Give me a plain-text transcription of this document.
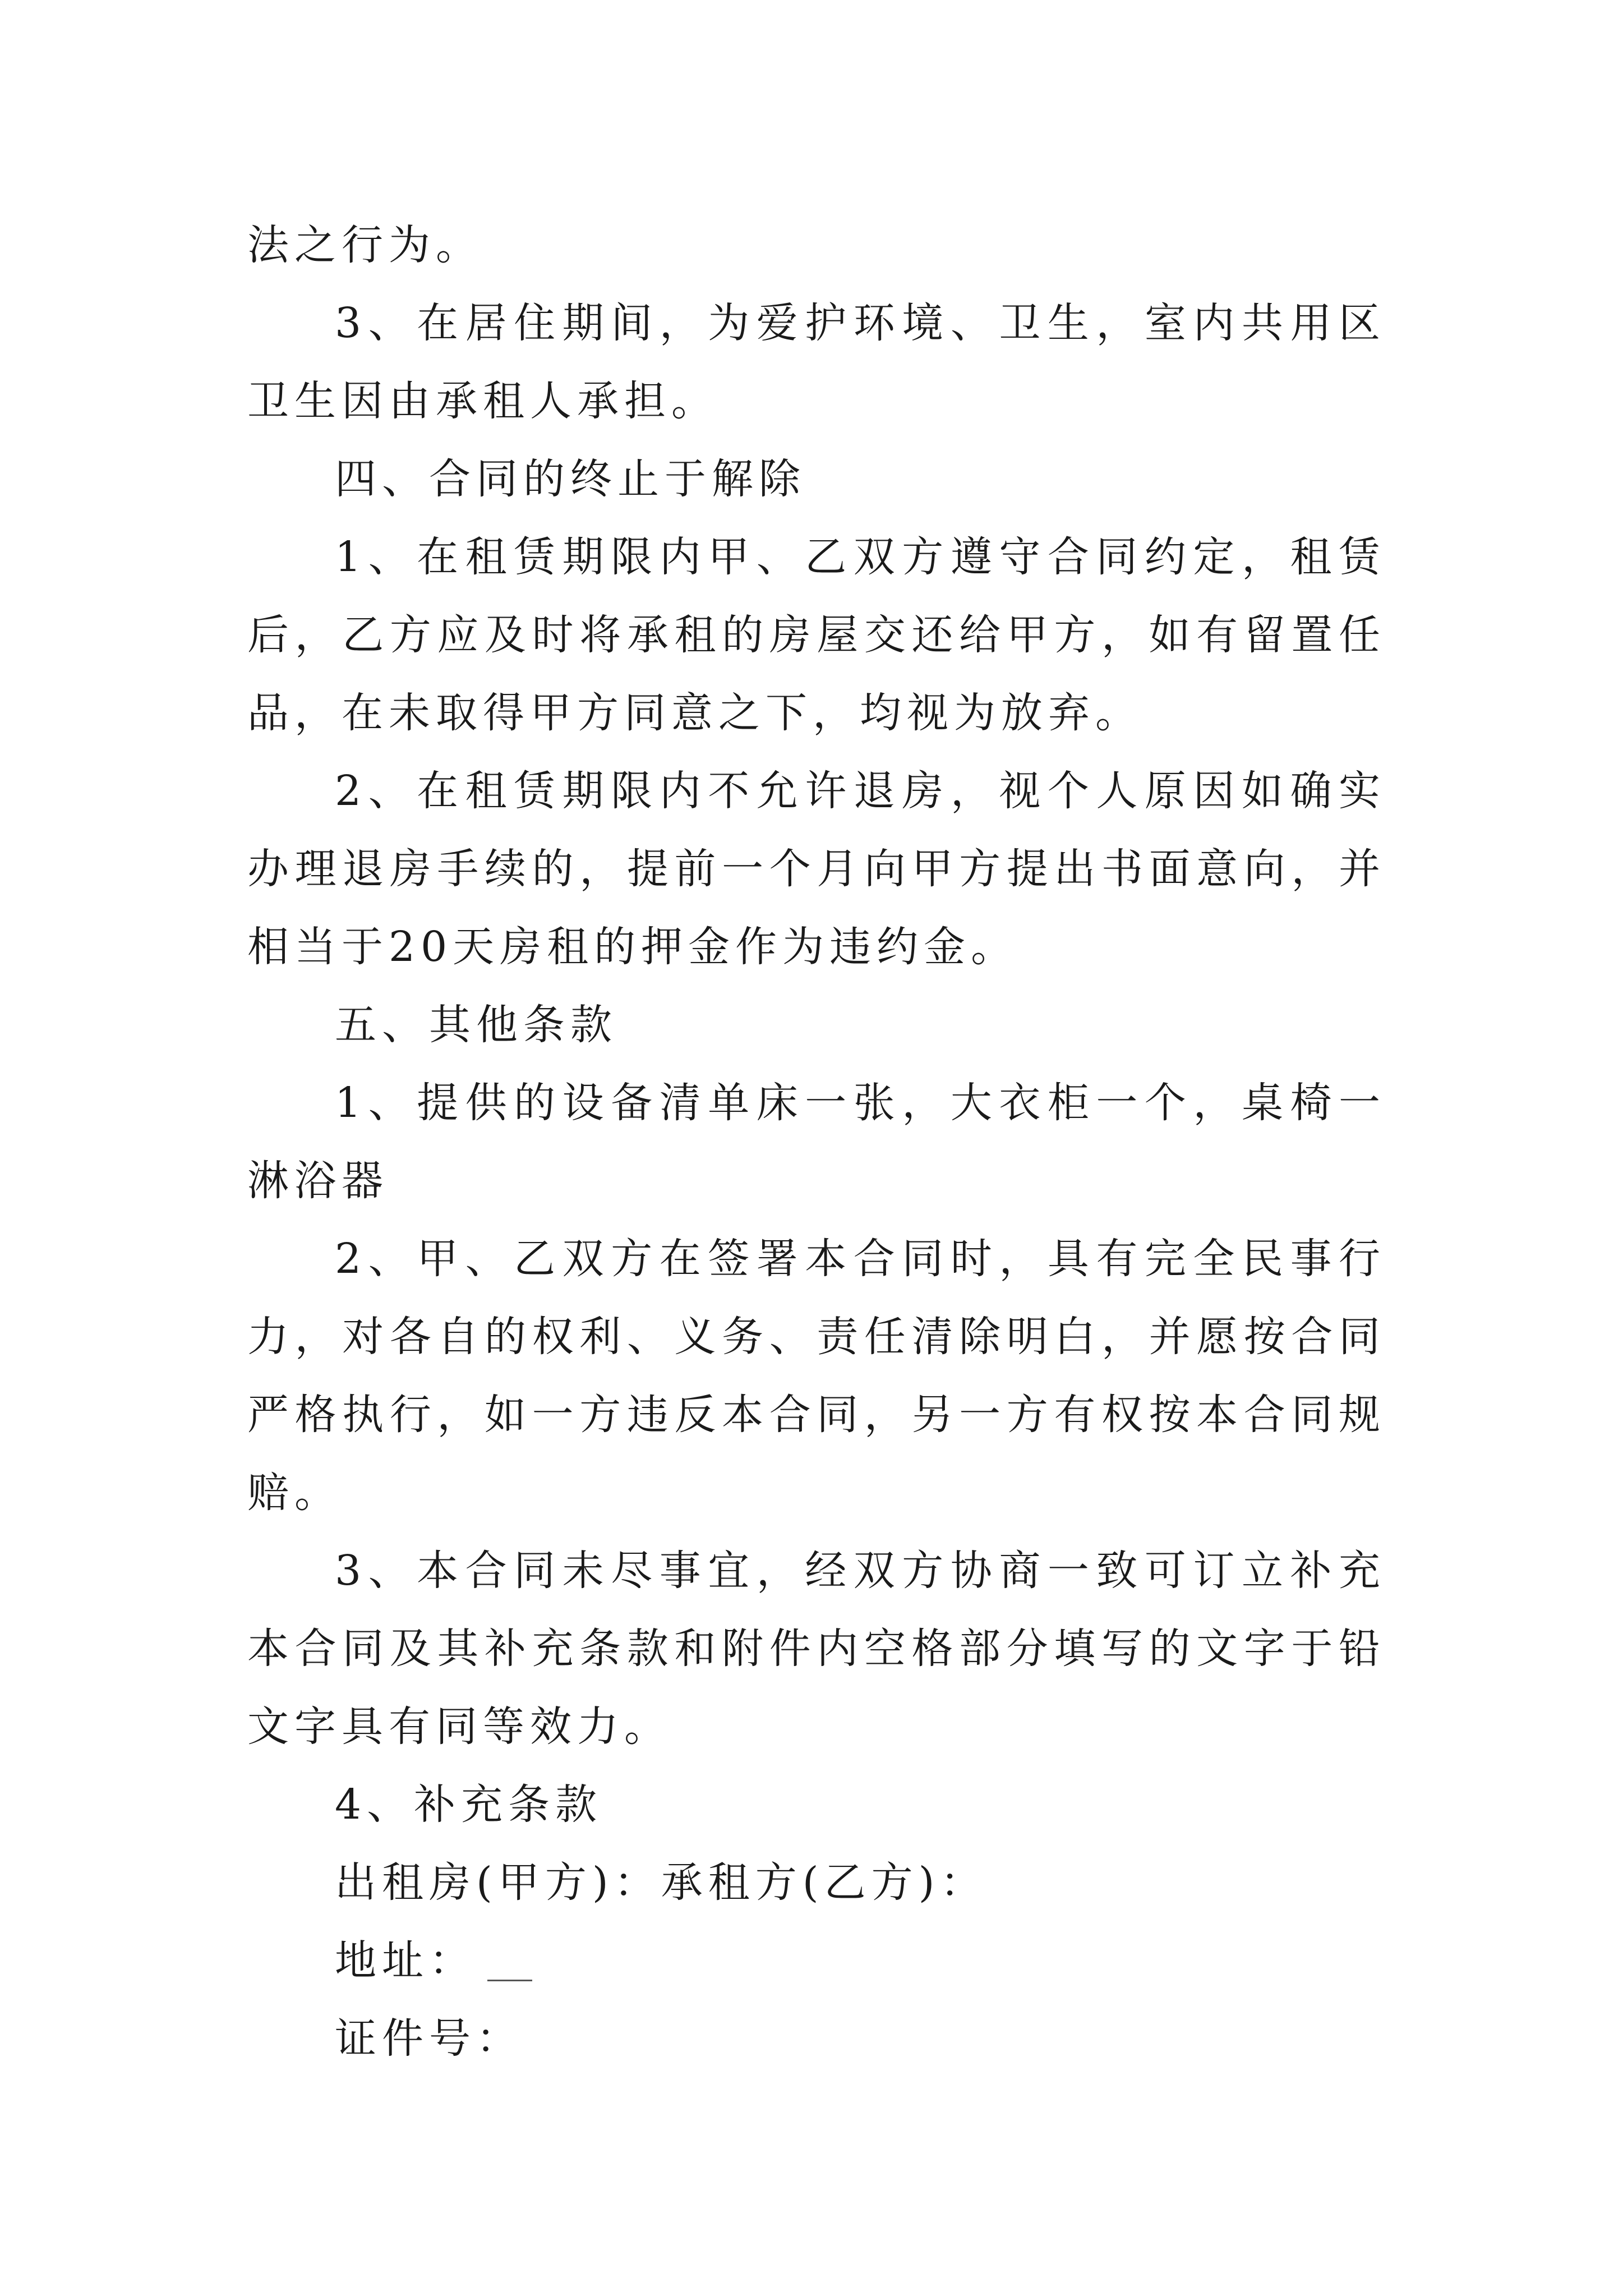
法之行为。
3、在居住期间，为爱护环境、卫生，室内共用区
卫生因由承租人承担。
四、合同的终止于解除
1、在租赁期限内甲、乙双方遵守合同约定，租赁
后，乙方应及时将承租的房屋交还给甲方，如有留置任
品，在未取得甲方同意之下，均视为放弃。
2、在租赁期限内不允许退房，视个人原因如确实
办理退房手续的，提前一个月向甲方提出书面意向，并
相当于20天房租的押金作为违约金。
五、其他条款
1、提供的设备清单床一张，大衣柜一个，桌椅一
淋浴器
2、甲、乙双方在签署本合同时，具有完全民事行
力，对各自的权利、义务、责任清除明白，并愿按合同
严格执行，如一方违反本合同，另一方有权按本合同规
赔。
3、本合同未尽事宜，经双方协商一致可订立补充
本合同及其补充条款和附件内空格部分填写的文字于铅
文字具有同等效力。
4、补充条款
出租房(甲方)：承租方(乙方)：
地址：
证件号：
